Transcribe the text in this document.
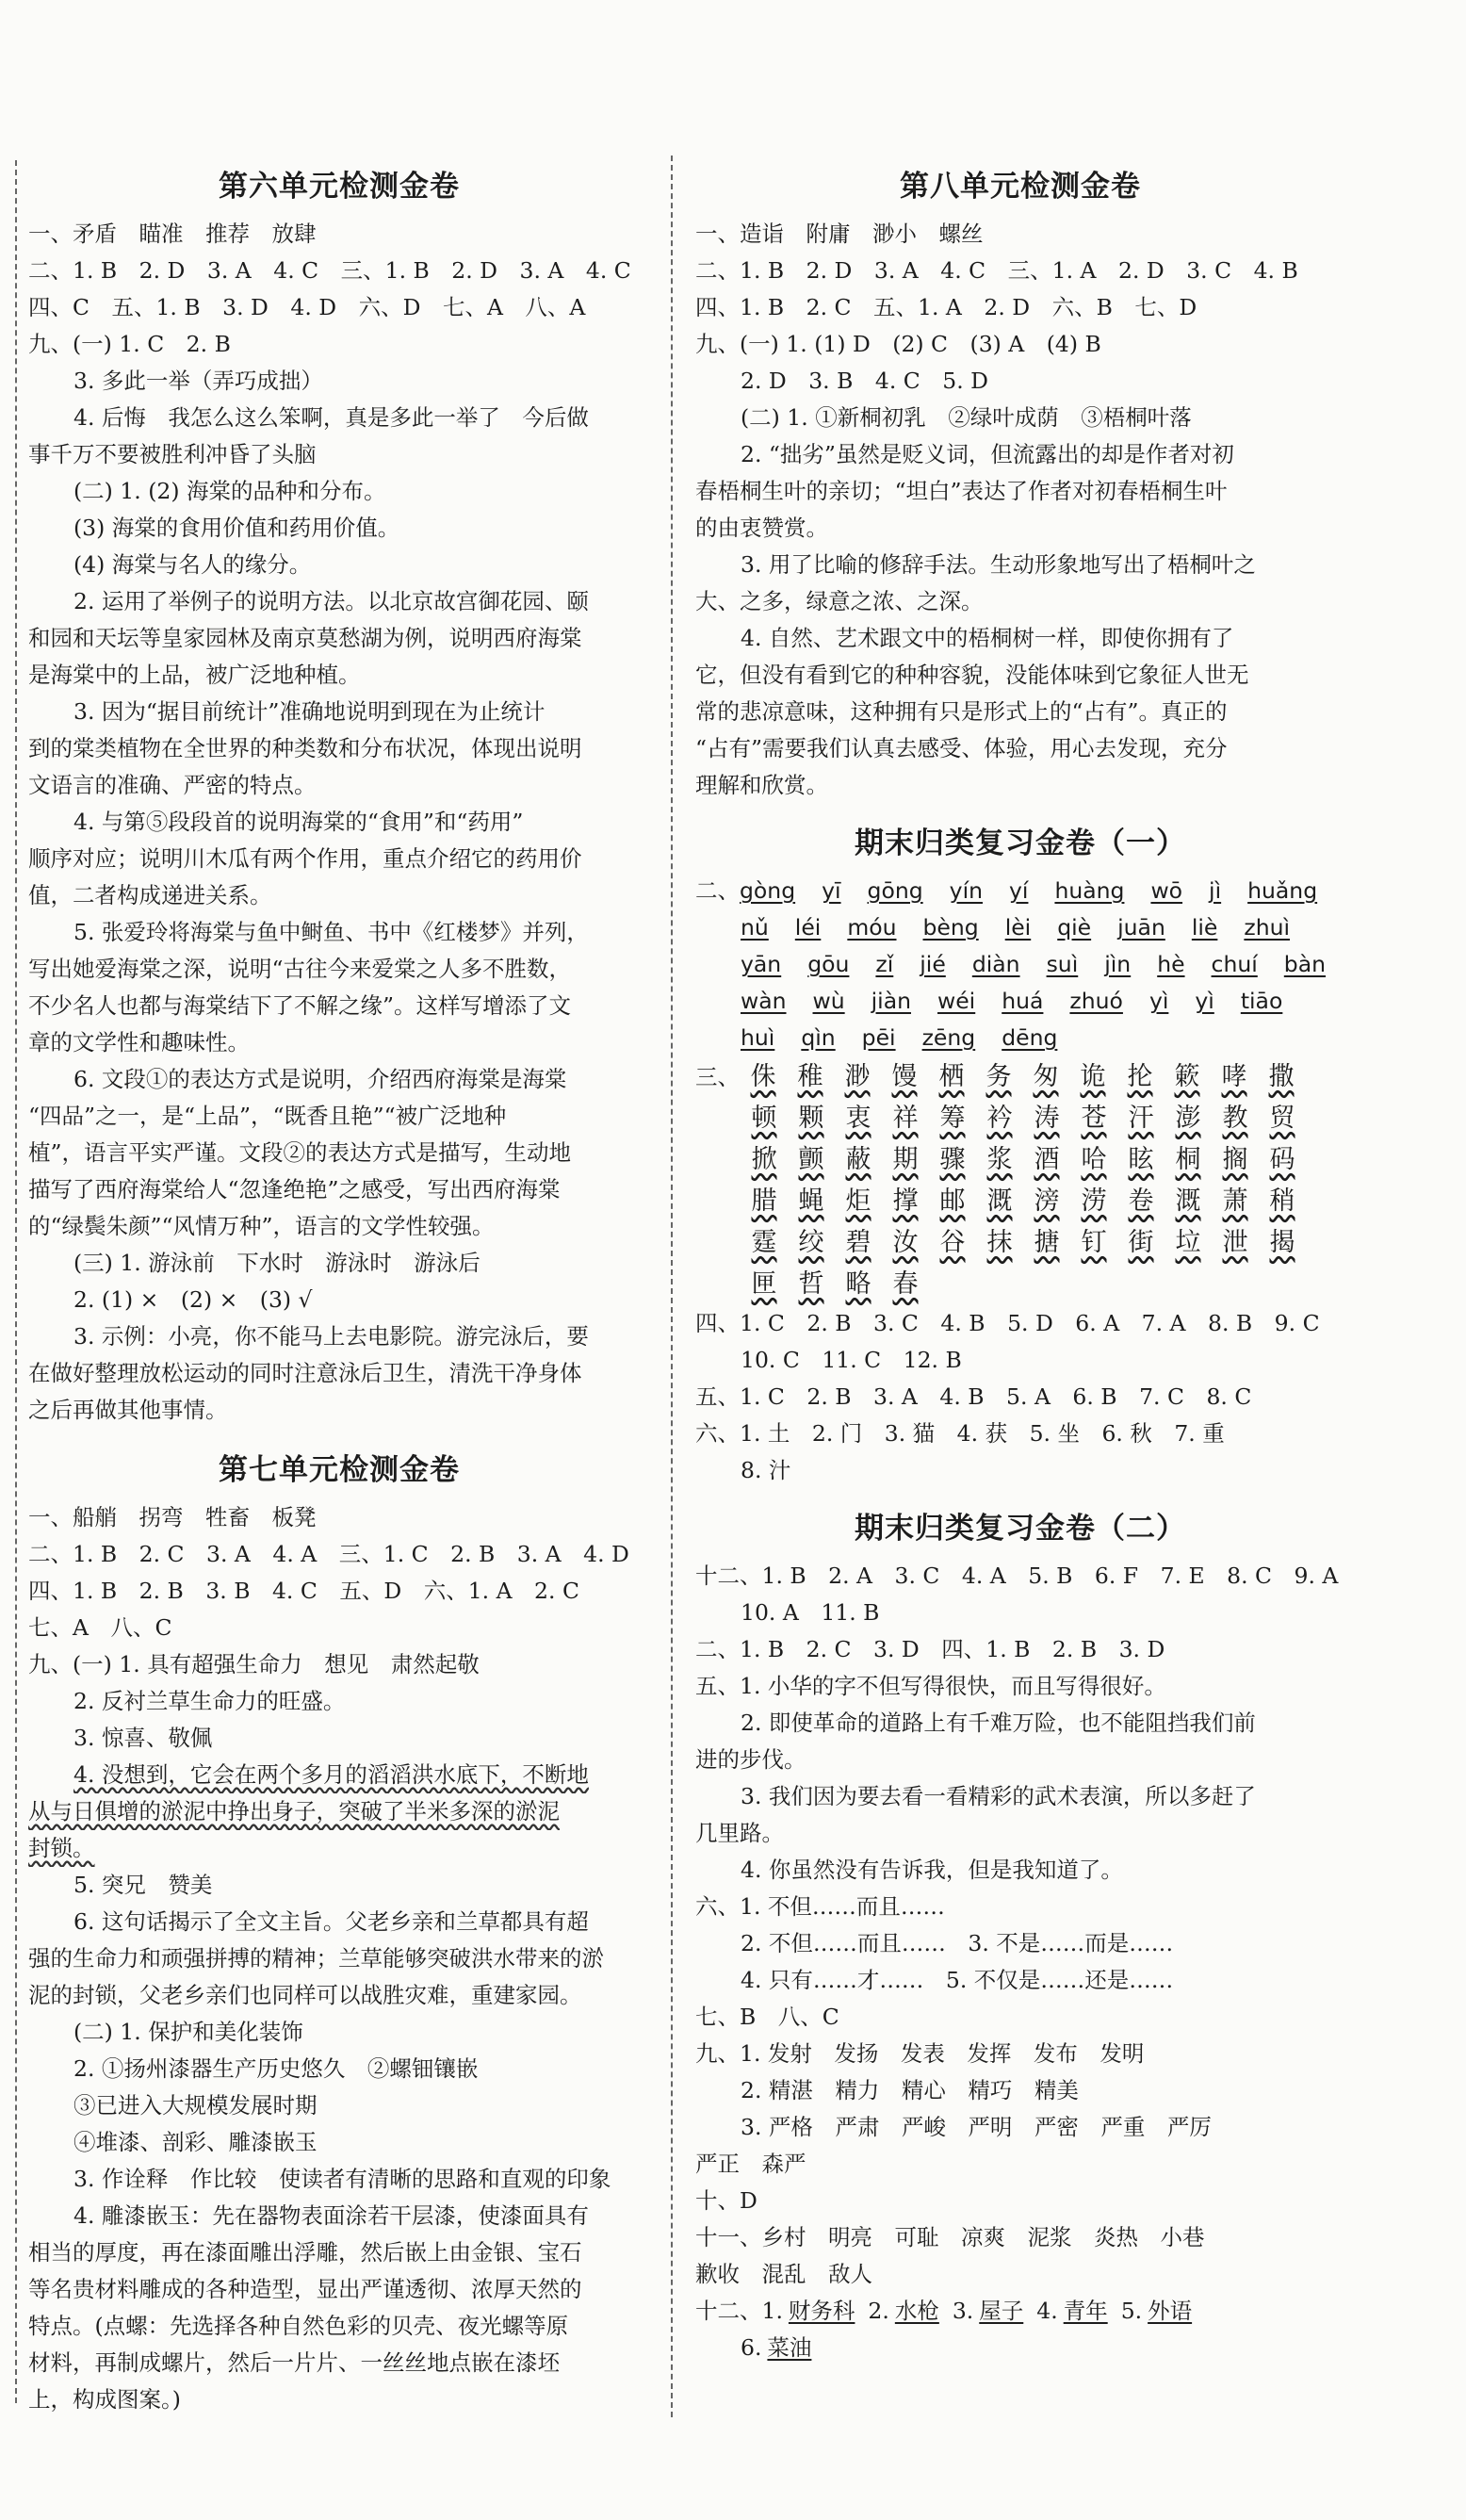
第六单元检测金卷
一、矛盾　瞄准　推荐　放肆
二、1. B　2. D　3. A　4. C　三、1. B　2. D　3. A　4. C
四、C　五、1. B　3. D　4. D　六、D　七、A　八、A
九、(一) 1. C　2. B
3. 多此一举（弄巧成拙）
4. 后悔　我怎么这么笨啊，真是多此一举了　今后做
事千万不要被胜利冲昏了头脑
(二) 1. (2) 海棠的品种和分布。
(3) 海棠的食用价值和药用价值。
(4) 海棠与名人的缘分。
2. 运用了举例子的说明方法。以北京故宫御花园、颐
和园和天坛等皇家园林及南京莫愁湖为例，说明西府海棠
是海棠中的上品，被广泛地种植。
3. 因为“据目前统计”准确地说明到现在为止统计
到的棠类植物在全世界的种类数和分布状况，体现出说明
文语言的准确、严密的特点。
4. 与第⑤段段首的说明海棠的“食用”和“药用”
顺序对应；说明川木瓜有两个作用，重点介绍它的药用价
值，二者构成递进关系。
5. 张爱玲将海棠与鱼中鲥鱼、书中《红楼梦》并列，
写出她爱海棠之深，说明“古往今来爱棠之人多不胜数，
不少名人也都与海棠结下了不解之缘”。这样写增添了文
章的文学性和趣味性。
6. 文段①的表达方式是说明，介绍西府海棠是海棠
“四品”之一，是“上品”，“既香且艳”“被广泛地种
植”，语言平实严谨。文段②的表达方式是描写，生动地
描写了西府海棠给人“忽逢绝艳”之感受，写出西府海棠
的“绿鬓朱颜”“风情万种”，语言的文学性较强。
(三) 1. 游泳前　下水时　游泳时　游泳后
2. (1) ×　(2) ×　(3) √
3. 示例：小亮，你不能马上去电影院。游完泳后，要
在做好整理放松运动的同时注意泳后卫生，清洗干净身体
之后再做其他事情。
第七单元检测金卷
一、船艄　拐弯　牲畜　板凳
二、1. B　2. C　3. A　4. A　三、1. C　2. B　3. A　4. D
四、1. B　2. B　3. B　4. C　五、D　六、1. A　2. C
七、A　八、C
九、(一) 1. 具有超强生命力　想见　肃然起敬
2. 反衬兰草生命力的旺盛。
3. 惊喜、敬佩
4. 没想到，它会在两个多月的滔滔洪水底下，不断地
从与日俱增的淤泥中挣出身子，突破了半米多深的淤泥
封锁。
5. 突兄　赞美
6. 这句话揭示了全文主旨。父老乡亲和兰草都具有超
强的生命力和顽强拼搏的精神；兰草能够突破洪水带来的淤
泥的封锁，父老乡亲们也同样可以战胜灾难，重建家园。
(二) 1. 保护和美化装饰
2. ①扬州漆器生产历史悠久　②螺钿镶嵌
③已进入大规模发展时期
④堆漆、剖彩、雕漆嵌玉
3. 作诠释　作比较　使读者有清晰的思路和直观的印象
4. 雕漆嵌玉：先在器物表面涂若干层漆，使漆面具有
相当的厚度，再在漆面雕出浮雕，然后嵌上由金银、宝石
等名贵材料雕成的各种造型，显出严谨透彻、浓厚天然的
特点。(点螺：先选择各种自然色彩的贝壳、夜光螺等原
材料，再制成螺片，然后一片片、一丝丝地点嵌在漆坯
上，构成图案。)
第八单元检测金卷
一、造诣　附庸　渺小　螺丝
二、1. B　2. D　3. A　4. C　三、1. A　2. D　3. C　4. B
四、1. B　2. C　五、1. A　2. D　六、B　七、D
九、(一) 1. (1) D　(2) C　(3) A　(4) B
2. D　3. B　4. C　5. D
(二) 1. ①新桐初乳　②绿叶成荫　③梧桐叶落
2. “拙劣”虽然是贬义词，但流露出的却是作者对初
春梧桐生叶的亲切；“坦白”表达了作者对初春梧桐生叶
的由衷赞赏。
3. 用了比喻的修辞手法。生动形象地写出了梧桐叶之
大、之多，绿意之浓、之深。
4. 自然、艺术跟文中的梧桐树一样，即使你拥有了
它，但没有看到它的种种容貌，没能体味到它象征人世无
常的悲凉意味，这种拥有只是形式上的“占有”。真正的
“占有”需要我们认真去感受、体验，用心去发现，充分
理解和欣赏。
期末归类复习金卷（一）
二、gòng yī gōng yín yí huàng wō jì huǎng
nǔ léi móu bèng lèi qiè juān liè zhuì
yān gōu zǐ jié diàn suì jìn hè chuí bàn
wàn wù jiàn wéi huá zhuó yì yì tiāo
huì qìn pēi zēng dēng
三、 侏 稚 渺 馒 栖 务 匆 诡 抡 簌 哮 撒
顿 颗 衷 祥 筹 衿 涛 苍 汗 澎 教 贸
掀 颤 蔽 期 骤 浆 酒 哈 眩 桐 搁 码
腊 蝇 炬 撑 邮 溉 滂 涝 卷 溉 萧 稍
霆 绞 碧 汝 谷 抹 搪 钉 街 垃 泄 揭
匣 哲 略 春
四、1. C　2. B　3. C　4. B　5. D　6. A　7. A　8. B　9. C
10. C　11. C　12. B
五、1. C　2. B　3. A　4. B　5. A　6. B　7. C　8. C
六、1. 土　2. 门　3. 猫　4. 获　5. 坐　6. 秋　7. 重
8. 汁
期末归类复习金卷（二）
十二、1. B　2. A　3. C　4. A　5. B　6. F　7. E　8. C　9. A
10. A　11. B
二、1. B　2. C　3. D　四、1. B　2. B　3. D
五、1. 小华的字不但写得很快，而且写得很好。
2. 即使革命的道路上有千难万险，也不能阻挡我们前
进的步伐。
3. 我们因为要去看一看精彩的武术表演，所以多赶了
几里路。
4. 你虽然没有告诉我，但是我知道了。
六、1. 不但……而且……
2. 不但……而且……　3. 不是……而是……
4. 只有……才……　5. 不仅是……还是……
七、B　八、C
九、1. 发射　发扬　发表　发挥　发布　发明
2. 精湛　精力　精心　精巧　精美
3. 严格　严肃　严峻　严明　严密　严重　严厉
严正　森严
十、D
十一、乡村　明亮　可耻　凉爽　泥浆　炎热　小巷
歉收　混乱　敌人
十二、1. 财务科 2. 水枪 3. 屋子 4. 青年 5. 外语
6. 菜油
